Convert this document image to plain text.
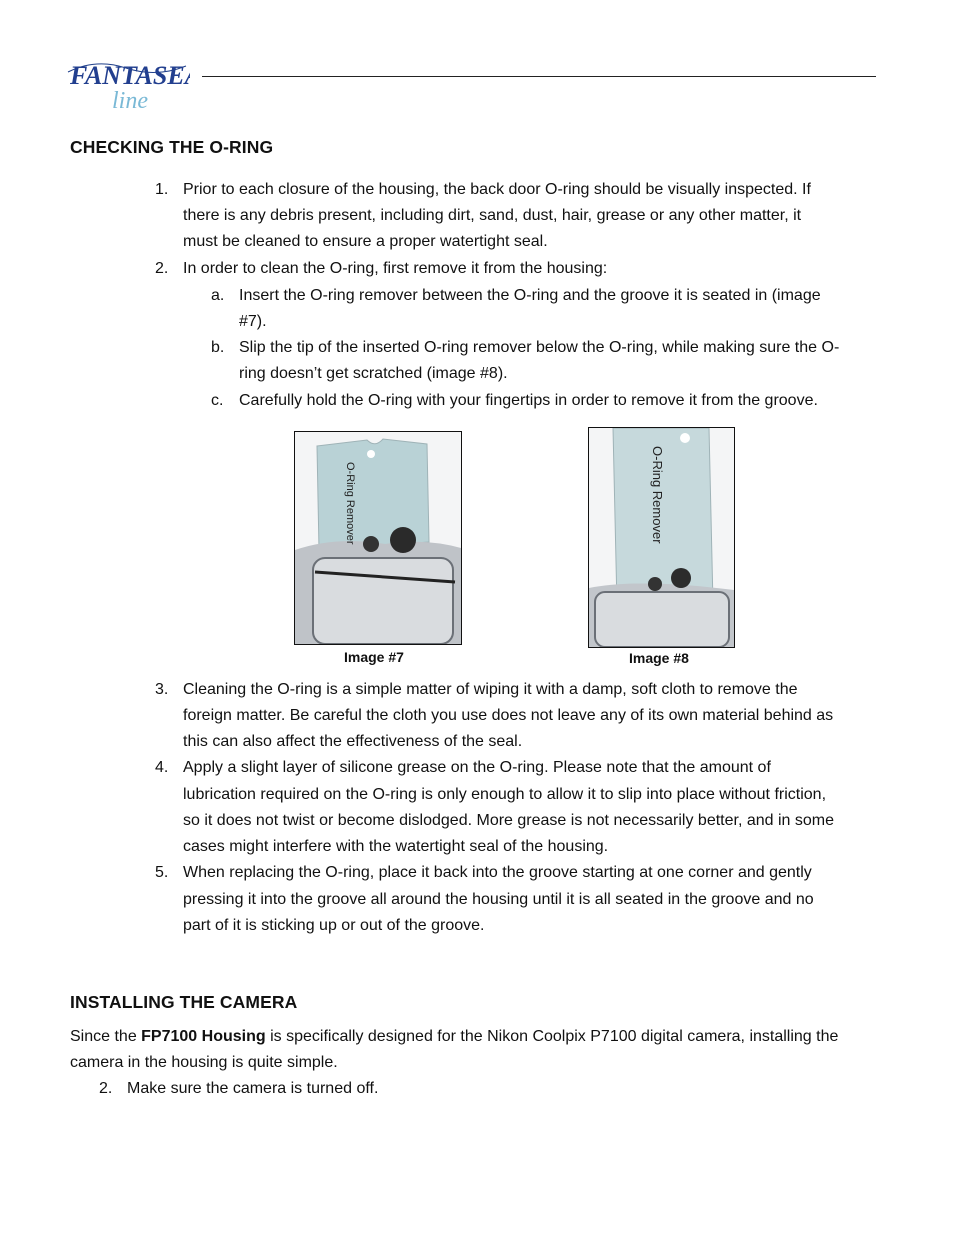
FANTASEA
line
CHECKING THE O-RING
1. Prior to each closure of the housing, the back door O-ring should be visually inspected. If
there is any debris present, including dirt, sand, dust, hair, grease or any other matter, it
must be cleaned to ensure a proper watertight seal.
2. In order to clean the O-ring, first remove it from the housing:
a. Insert the O-ring remover between the O-ring and the groove it is seated in (image
#7).
b. Slip the tip of the inserted O-ring remover below the O-ring, while making sure the O-
ring doesn’t get scratched (image #8).
c. Carefully hold the O-ring with your fingertips in order to remove it from the groove.
O-Ring Remover
Image #7
O-Ring Remover
Image #8
3. Cleaning the O-ring is a simple matter of wiping it with a damp, soft cloth to remove the
foreign matter. Be careful the cloth you use does not leave any of its own material behind as
this can also affect the effectiveness of the seal.
4. Apply a slight layer of silicone grease on the O-ring. Please note that the amount of
lubrication required on the O-ring is only enough to allow it to slip into place without friction,
so it does not twist or become dislodged. More grease is not necessarily better, and in some
cases might interfere with the watertight seal of the housing.
5. When replacing the O-ring, place it back into the groove starting at one corner and gently
pressing it into the groove all around the housing until it is all seated in the groove and no
part of it is sticking up or out of the groove.
INSTALLING THE CAMERA
Since the FP7100 Housing is specifically designed for the Nikon Coolpix P7100 digital camera, installing the
camera in the housing is quite simple.
2. Make sure the camera is turned off.
